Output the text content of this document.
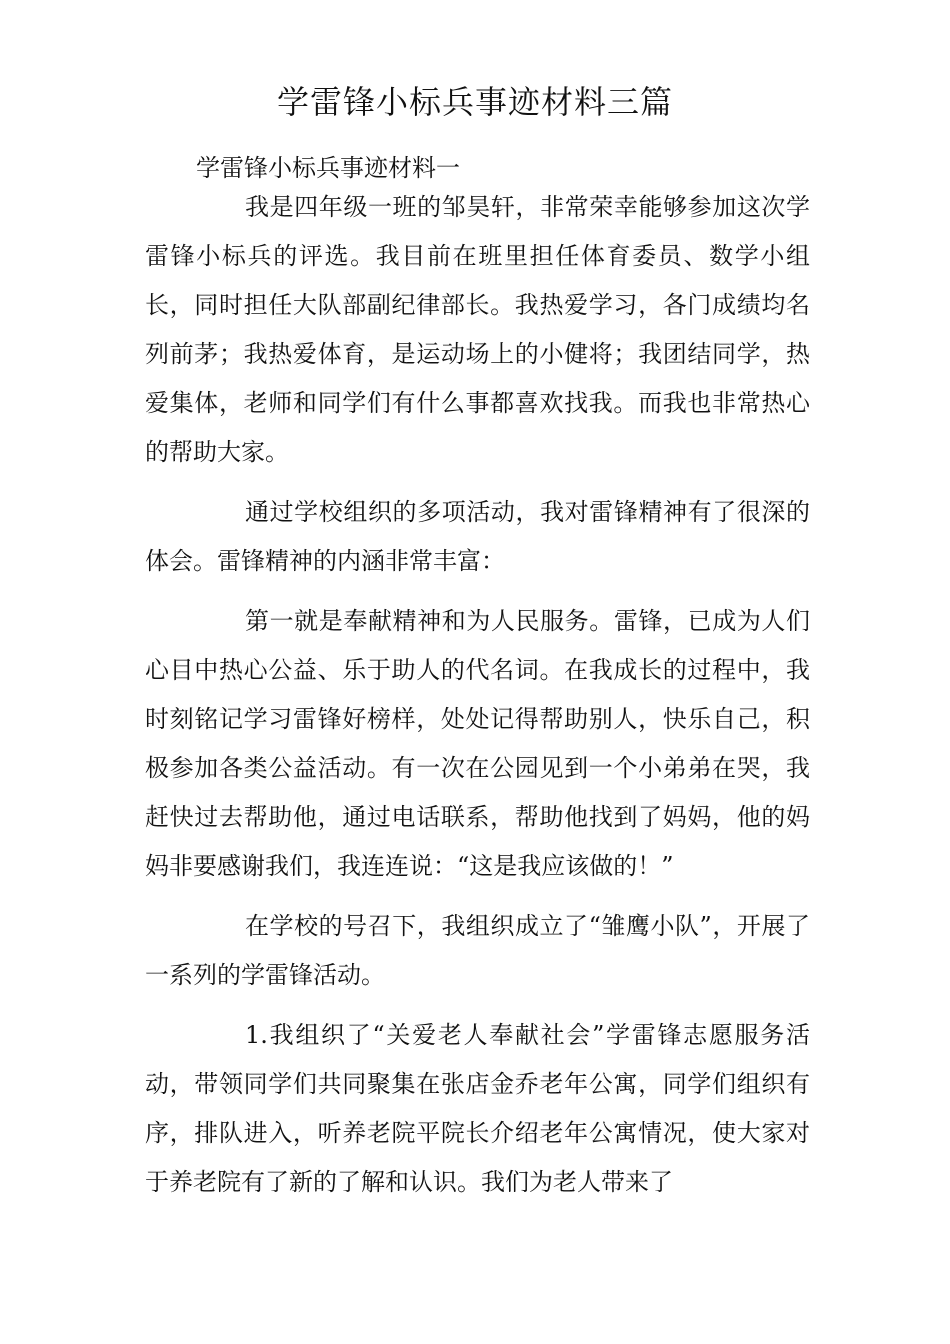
学雷锋小标兵事迹材料三篇
学雷锋小标兵事迹材料一

我是四年级一班的邹昊轩，非常荣幸能够参加这次学雷锋小标兵的评选。我目前在班里担任体育委员、数学小组长，同时担任大队部副纪律部长。我热爱学习，各门成绩均名列前茅；我热爱体育，是运动场上的小健将；我团结同学，热爱集体，老师和同学们有什么事都喜欢找我。而我也非常热心的帮助大家。

通过学校组织的多项活动，我对雷锋精神有了很深的体会。雷锋精神的内涵非常丰富：

第一就是奉献精神和为人民服务。雷锋，已成为人们心目中热心公益、乐于助人的代名词。在我成长的过程中，我时刻铭记学习雷锋好榜样，处处记得帮助别人，快乐自己，积极参加各类公益活动。有一次在公园见到一个小弟弟在哭，我赶快过去帮助他，通过电话联系，帮助他找到了妈妈，他的妈妈非要感谢我们，我连连说：“这是我应该做的！”

在学校的号召下，我组织成立了“雏鹰小队”，开展了一系列的学雷锋活动。

1.我组织了“关爱老人奉献社会”学雷锋志愿服务活动，带领同学们共同聚集在张店金乔老年公寓，同学们组织有序，排队进入，听养老院平院长介绍老年公寓情况，使大家对于养老院有了新的了解和认识。我们为老人带来了
